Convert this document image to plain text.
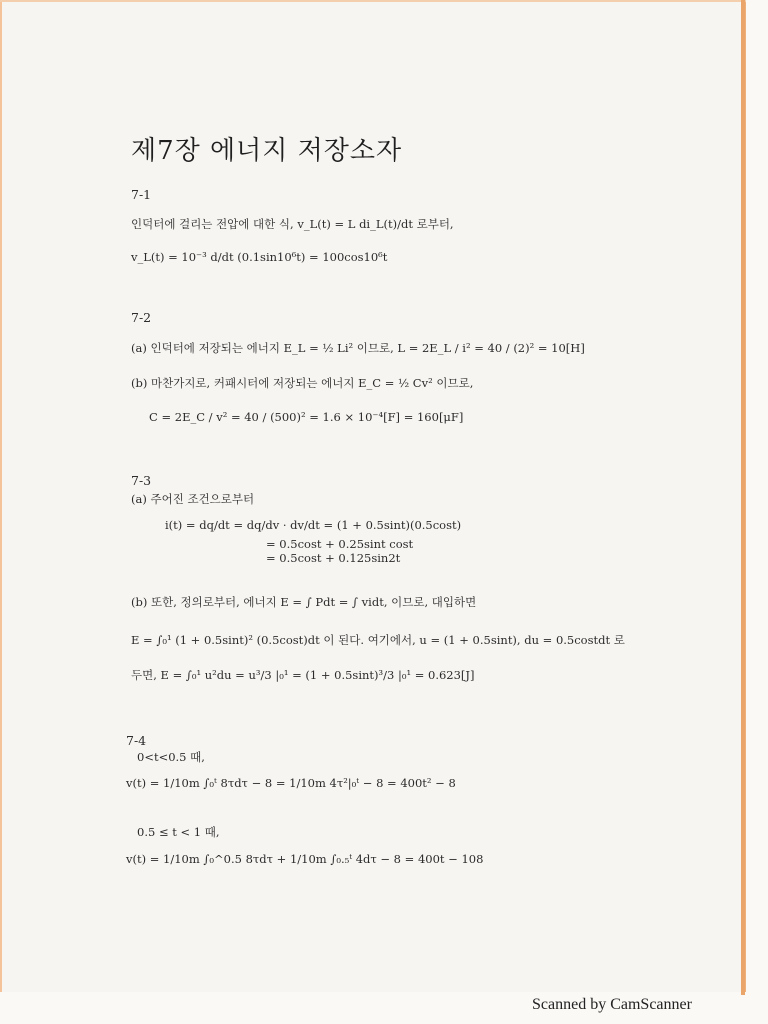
제7장 에너지 저장소자
7-1
인덕터에 걸리는 전압에 대한 식, v_L(t) = L di_L(t)/dt 로부터,
v_L(t) = 10⁻³ d/dt (0.1sin10⁶t) = 100cos10⁶t
7-2
(a) 인덕터에 저장되는 에너지 E_L = ½ Li² 이므로, L = 2E_L / i² = 40 / (2)² = 10[H]
(b) 마찬가지로, 커패시터에 저장되는 에너지 E_C = ½ Cv² 이므로,
C = 2E_C / v² = 40 / (500)² = 1.6 × 10⁻⁴[F] = 160[μF]
7-3
(a) 주어진 조건으로부터
i(t) = dq/dt = dq/dv · dv/dt = (1 + 0.5sint)(0.5cost)
= 0.5cost + 0.25sint cost
= 0.5cost + 0.125sin2t
(b) 또한, 정의로부터, 에너지 E = ∫ Pdt = ∫ vidt, 이므로, 대입하면
E = ∫₀¹ (1 + 0.5sint)² (0.5cost)dt 이 된다. 여기에서, u = (1 + 0.5sint), du = 0.5costdt 로
두면, E = ∫₀¹ u²du = u³/3 |₀¹ = (1 + 0.5sint)³/3 |₀¹ = 0.623[J]
7-4
0<t<0.5 때,
v(t) = 1/10m ∫₀ᵗ 8τdτ − 8 = 1/10m 4τ²|₀ᵗ − 8 = 400t² − 8
0.5 ≤ t < 1 때,
v(t) = 1/10m ∫₀^0.5 8τdτ + 1/10m ∫₀.₅ᵗ 4dτ − 8 = 400t − 108
Scanned by CamScanner
